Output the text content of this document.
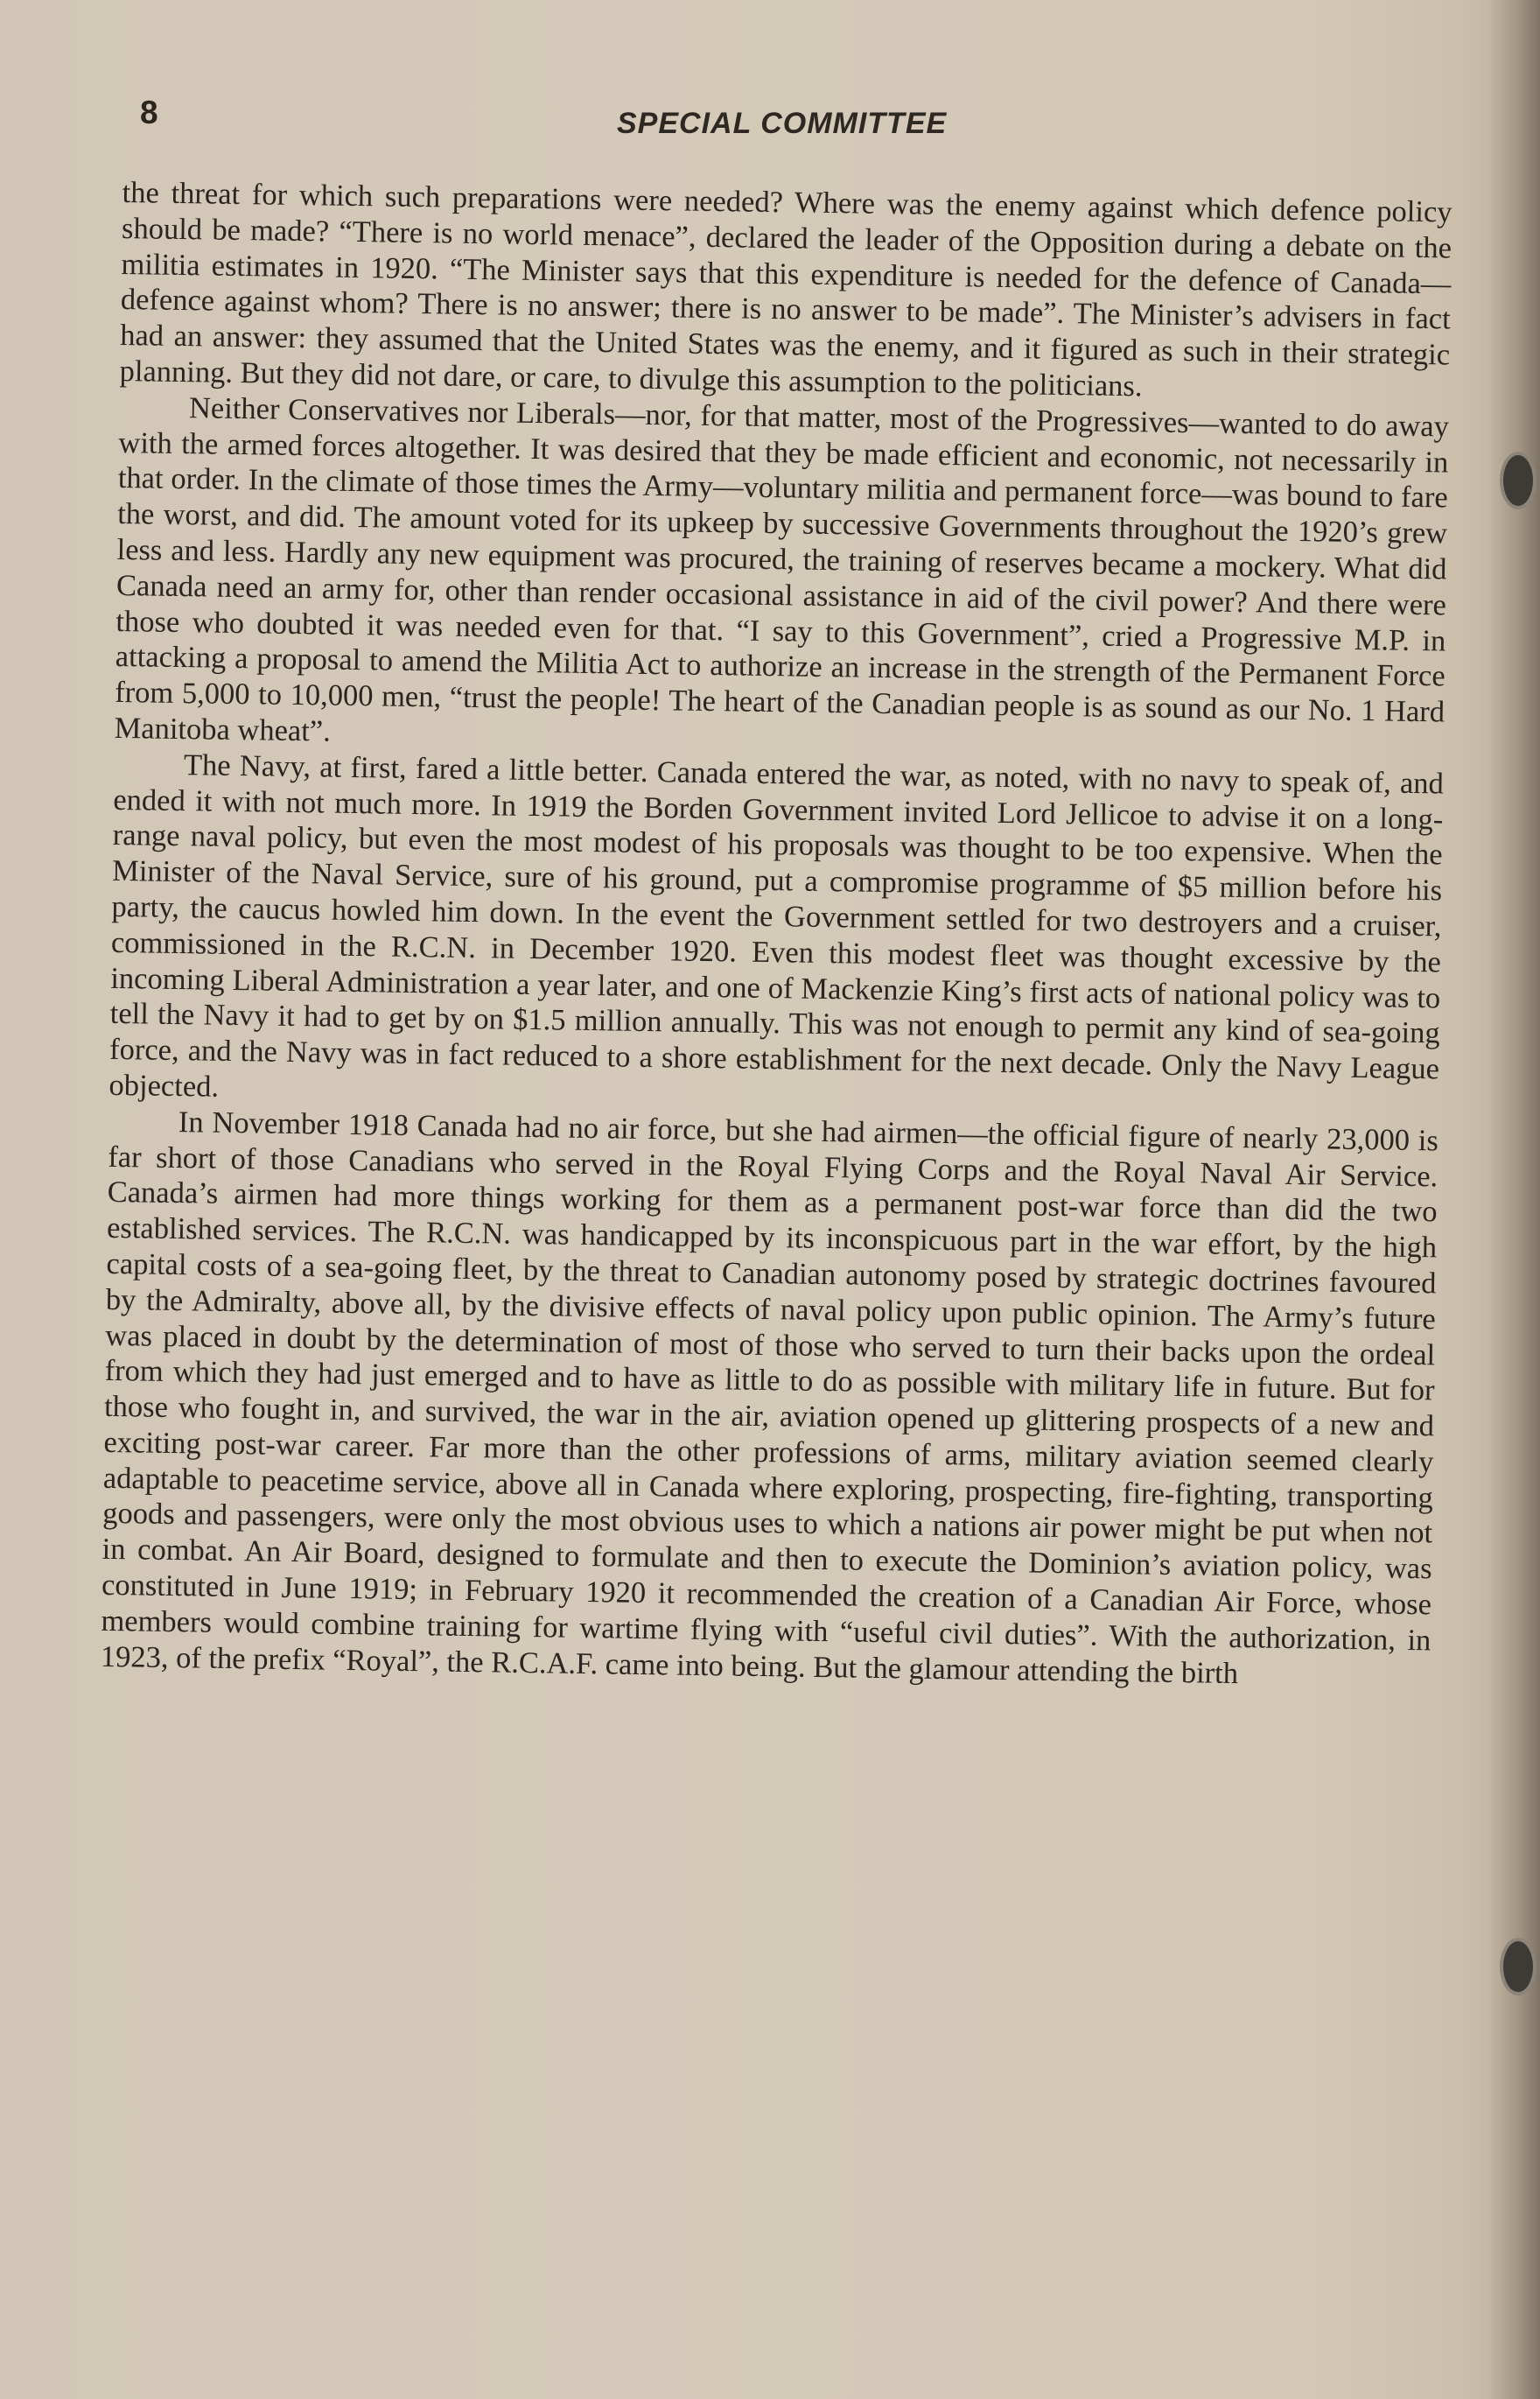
8	SPECIAL COMMITTEE

the threat for which such preparations were needed? Where was the enemy against which defence policy should be made? “There is no world menace”, declared the leader of the Opposition during a debate on the militia estimates in 1920. “The Minister says that this expenditure is needed for the defence of Canada—defence against whom? There is no answer; there is no answer to be made”. The Minister’s advisers in fact had an answer: they assumed that the United States was the enemy, and it figured as such in their strategic planning. But they did not dare, or care, to divulge this assumption to the politicians.

Neither Conservatives nor Liberals—nor, for that matter, most of the Progressives—wanted to do away with the armed forces altogether. It was desired that they be made efficient and economic, not necessarily in that order. In the climate of those times the Army—voluntary militia and permanent force—was bound to fare the worst, and did. The amount voted for its upkeep by successive Governments throughout the 1920’s grew less and less. Hardly any new equipment was procured, the training of reserves became a mockery. What did Canada need an army for, other than render occasional assistance in aid of the civil power? And there were those who doubted it was needed even for that. “I say to this Government”, cried a Progressive M.P. in attacking a proposal to amend the Militia Act to authorize an increase in the strength of the Permanent Force from 5,000 to 10,000 men, “trust the people! The heart of the Canadian people is as sound as our No. 1 Hard Manitoba wheat”.

The Navy, at first, fared a little better. Canada entered the war, as noted, with no navy to speak of, and ended it with not much more. In 1919 the Borden Government invited Lord Jellicoe to advise it on a long-range naval policy, but even the most modest of his proposals was thought to be too expensive. When the Minister of the Naval Service, sure of his ground, put a compromise programme of $5 million before his party, the caucus howled him down. In the event the Government settled for two destroyers and a cruiser, commissioned in the R.C.N. in December 1920. Even this modest fleet was thought excessive by the incoming Liberal Administration a year later, and one of Mackenzie King’s first acts of national policy was to tell the Navy it had to get by on $1.5 million annually. This was not enough to permit any kind of sea-going force, and the Navy was in fact reduced to a shore establishment for the next decade. Only the Navy League objected.

In November 1918 Canada had no air force, but she had airmen—the official figure of nearly 23,000 is far short of those Canadians who served in the Royal Flying Corps and the Royal Naval Air Service. Canada’s airmen had more things working for them as a permanent post-war force than did the two established services. The R.C.N. was handicapped by its inconspicuous part in the war effort, by the high capital costs of a sea-going fleet, by the threat to Canadian autonomy posed by strategic doctrines favoured by the Admiralty, above all, by the divisive effects of naval policy upon public opinion. The Army’s future was placed in doubt by the determination of most of those who served to turn their backs upon the ordeal from which they had just emerged and to have as little to do as possible with military life in future. But for those who fought in, and survived, the war in the air, aviation opened up glittering prospects of a new and exciting post-war career. Far more than the other professions of arms, military aviation seemed clearly adaptable to peacetime service, above all in Canada where exploring, prospecting, fire-fighting, transporting goods and passengers, were only the most obvious uses to which a nations air power might be put when not in combat. An Air Board, designed to formulate and then to execute the Dominion’s aviation policy, was constituted in June 1919; in February 1920 it recommended the creation of a Canadian Air Force, whose members would combine training for wartime flying with “useful civil duties”. With the authorization, in 1923, of the prefix “Royal”, the R.C.A.F. came into being. But the glamour attending the birth
